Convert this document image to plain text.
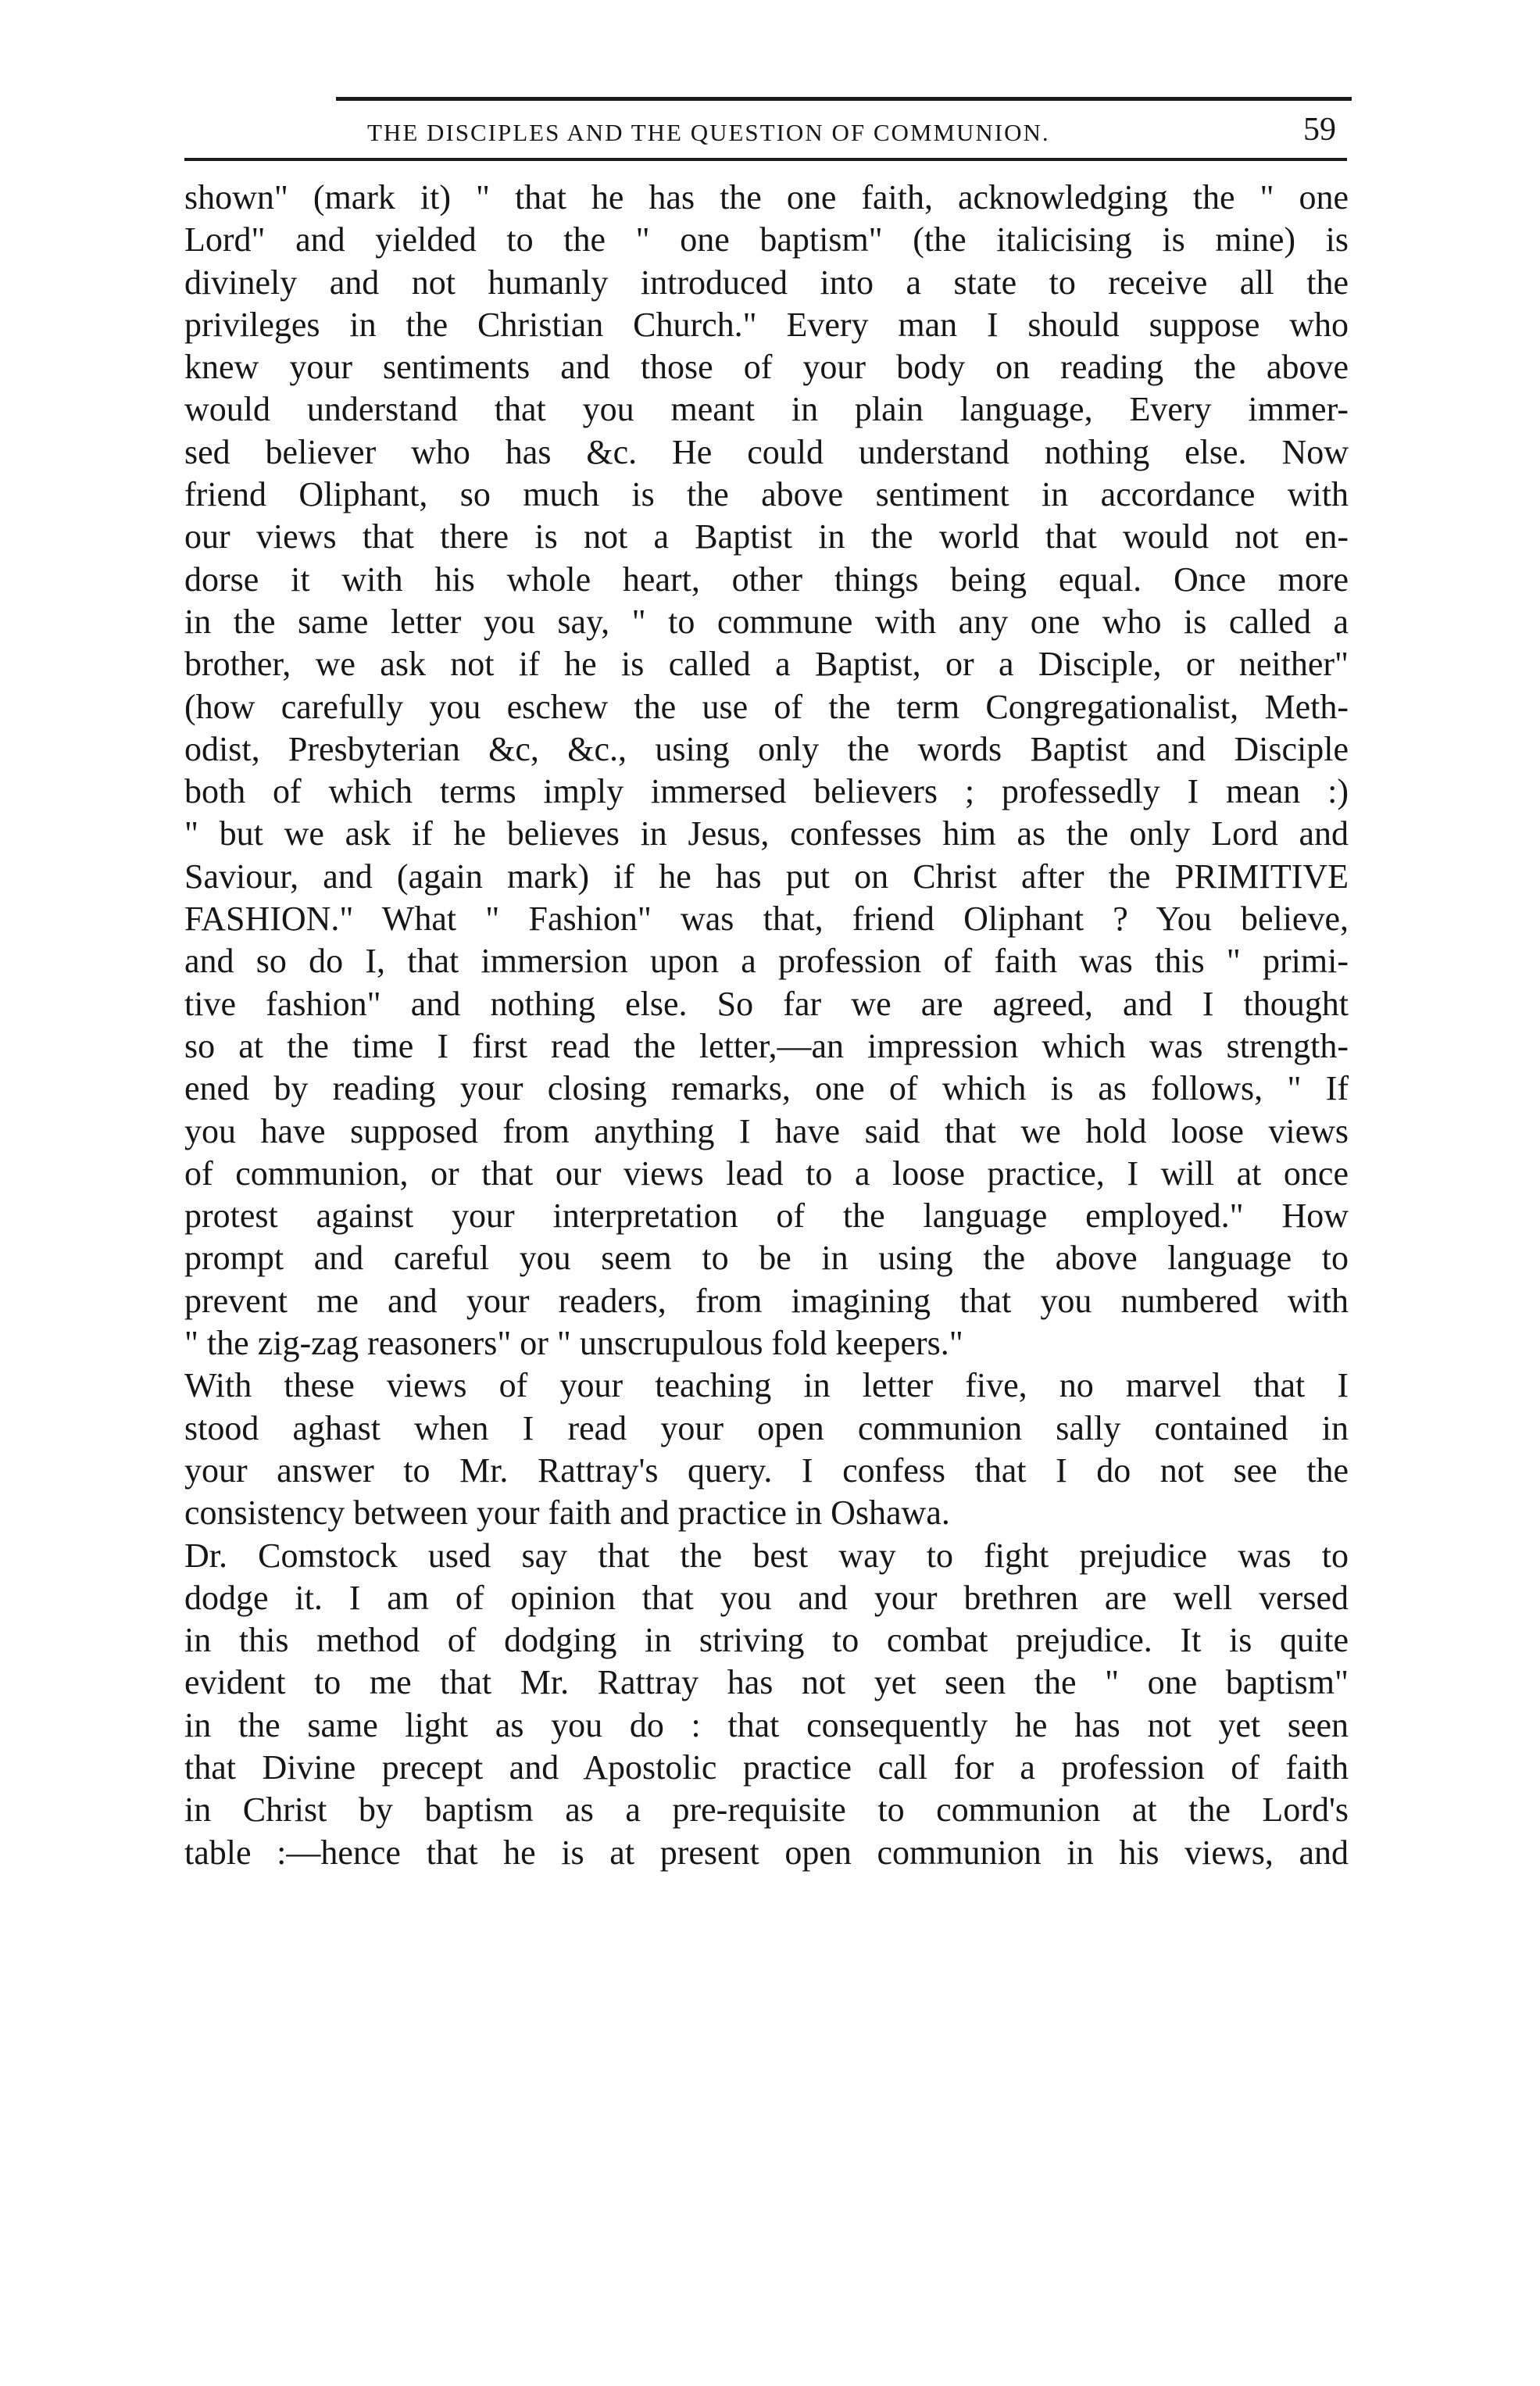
THE DISCIPLES AND THE QUESTION OF COMMUNION.	59
shown" (mark it) " that he has the one faith, acknowledging the " one
Lord" and yielded to the " one baptism" (the italicising is mine) is
divinely and not humanly introduced into a state to receive all the
privileges in the Christian Church." Every man I should suppose who
knew your sentiments and those of your body on reading the above
would understand that you meant in plain language, Every immer-
sed believer who has &c. He could understand nothing else. Now
friend Oliphant, so much is the above sentiment in accordance with
our views that there is not a Baptist in the world that would not en-
dorse it with his whole heart, other things being equal. Once more
in the same letter you say, " to commune with any one who is called a
brother, we ask not if he is called a Baptist, or a Disciple, or neither"
(how carefully you eschew the use of the term Congregationalist, Meth-
odist, Presbyterian &c, &c., using only the words Baptist and Disciple
both of which terms imply immersed believers ; professedly I mean :)
" but we ask if he believes in Jesus, confesses him as the only Lord and
Saviour, and (again mark) if he has put on Christ after the PRIMITIVE
FASHION." What " Fashion" was that, friend Oliphant ? You believe,
and so do I, that immersion upon a profession of faith was this " primi-
tive fashion" and nothing else. So far we are agreed, and I thought
so at the time I first read the letter,—an impression which was strength-
ened by reading your closing remarks, one of which is as follows, " If
you have supposed from anything I have said that we hold loose views
of communion, or that our views lead to a loose practice, I will at once
protest against your interpretation of the language employed." How
prompt and careful you seem to be in using the above language to
prevent me and your readers, from imagining that you numbered with
" the zig-zag reasoners" or " unscrupulous fold keepers."
With these views of your teaching in letter five, no marvel that I
stood aghast when I read your open communion sally contained in
your answer to Mr. Rattray's query. I confess that I do not see the
consistency between your faith and practice in Oshawa.
Dr. Comstock used say that the best way to fight prejudice was to
dodge it. I am of opinion that you and your brethren are well versed
in this method of dodging in striving to combat prejudice. It is quite
evident to me that Mr. Rattray has not yet seen the " one baptism"
in the same light as you do : that consequently he has not yet seen
that Divine precept and Apostolic practice call for a profession of faith
in Christ by baptism as a pre-requisite to communion at the Lord's
table :—hence that he is at present open communion in his views, and
